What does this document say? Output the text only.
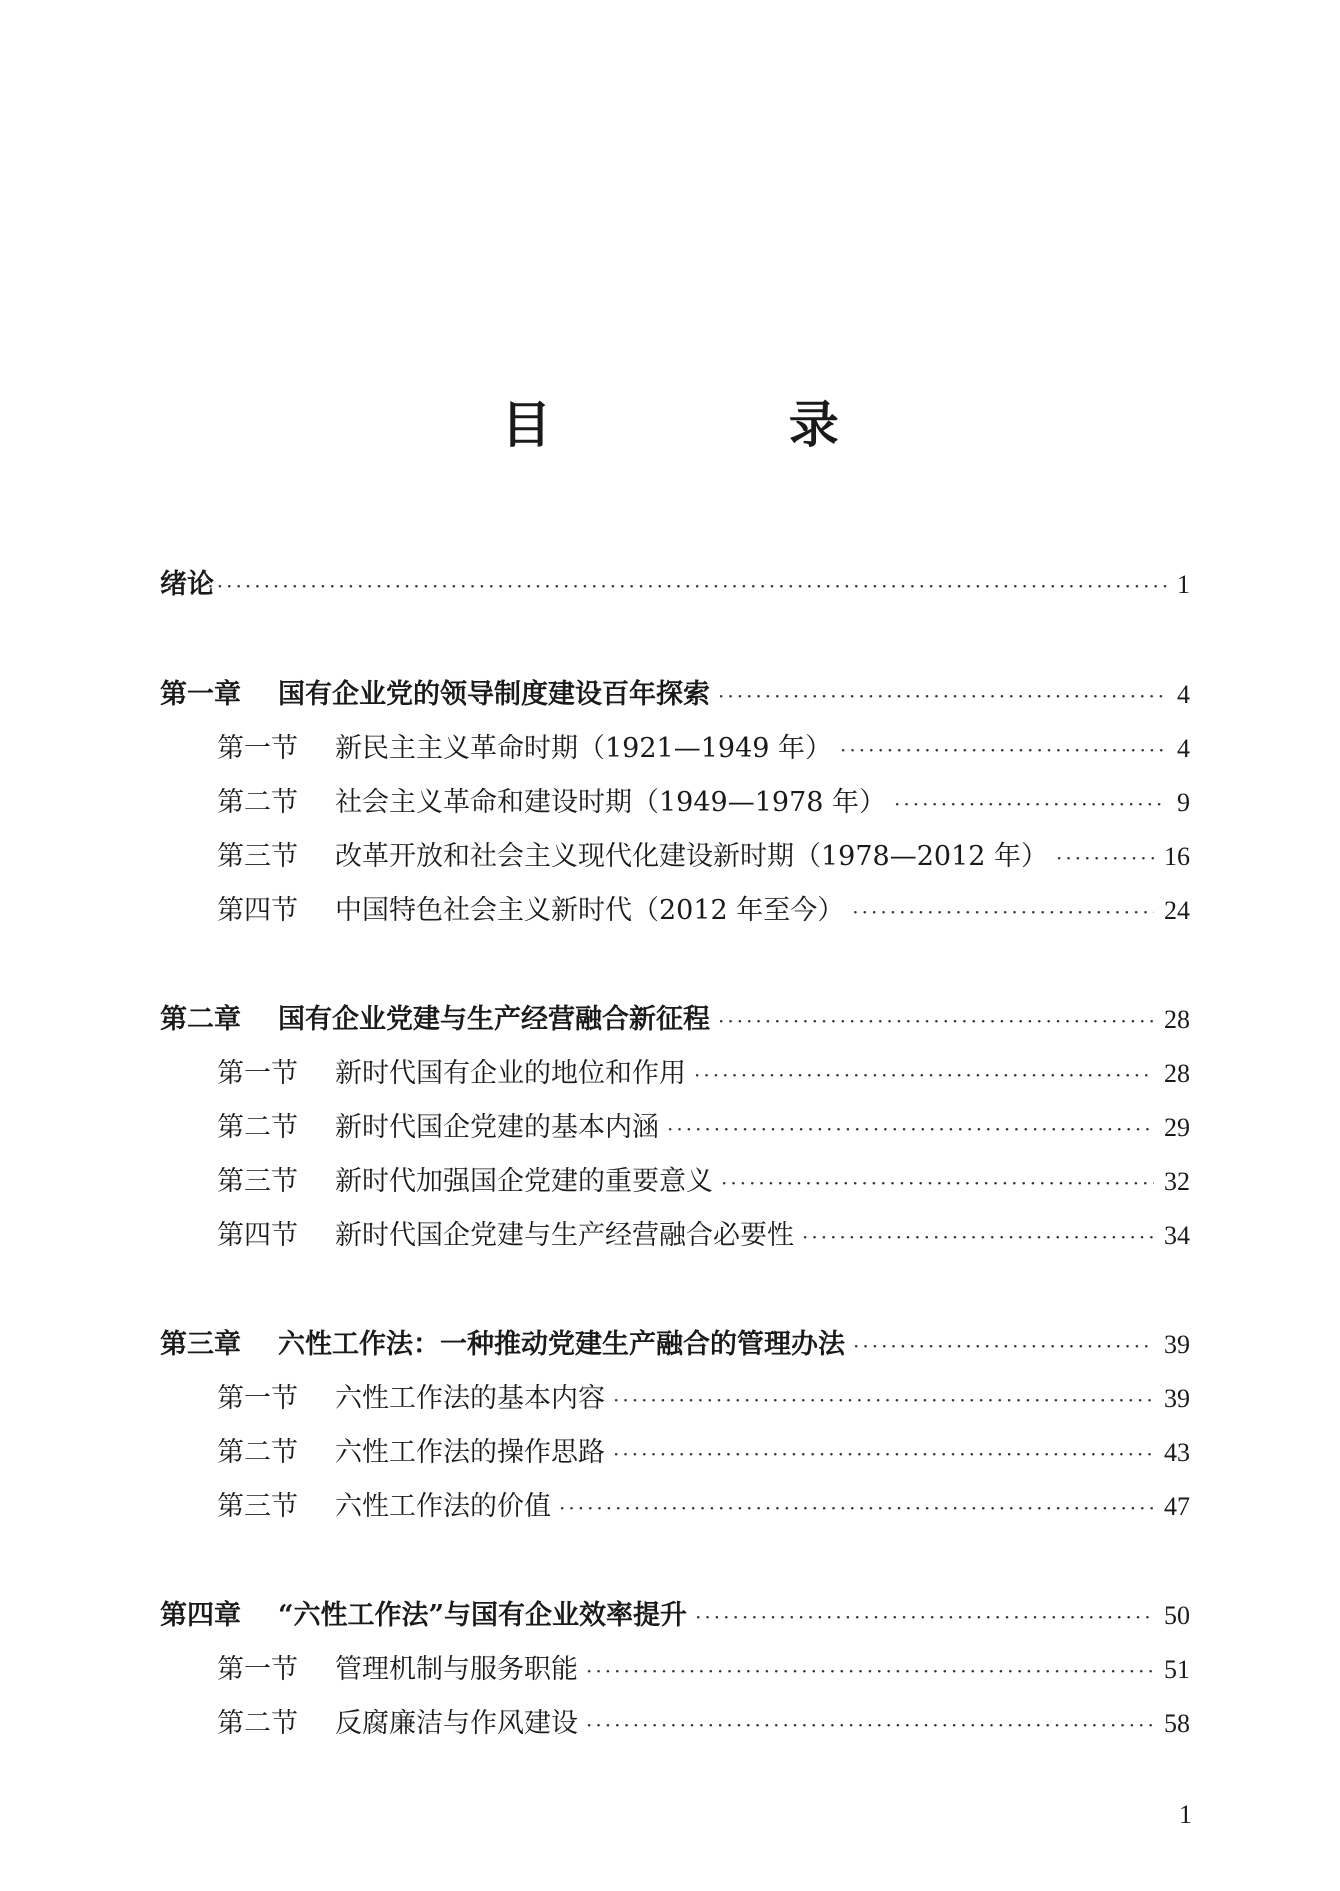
目 录
绪论 ·····	1
第一章	国有企业党的领导制度建设百年探索 ·····	4
第一节	新民主主义革命时期（1921—1949 年） ·····	4
第二节	社会主义革命和建设时期（1949—1978 年） ·····	9
第三节	改革开放和社会主义现代化建设新时期（1978—2012 年） ·····	16
第四节	中国特色社会主义新时代（2012 年至今） ·····	24
第二章	国有企业党建与生产经营融合新征程 ·····	28
第一节	新时代国有企业的地位和作用 ·····	28
第二节	新时代国企党建的基本内涵 ·····	29
第三节	新时代加强国企党建的重要意义 ·····	32
第四节	新时代国企党建与生产经营融合必要性 ·····	34
第三章	六性工作法：一种推动党建生产融合的管理办法 ·····	39
第一节	六性工作法的基本内容 ·····	39
第二节	六性工作法的操作思路 ·····	43
第三节	六性工作法的价值 ·····	47
第四章	“六性工作法”与国有企业效率提升 ·····	50
第一节	管理机制与服务职能 ·····	51
第二节	反腐廉洁与作风建设 ·····	58
1
